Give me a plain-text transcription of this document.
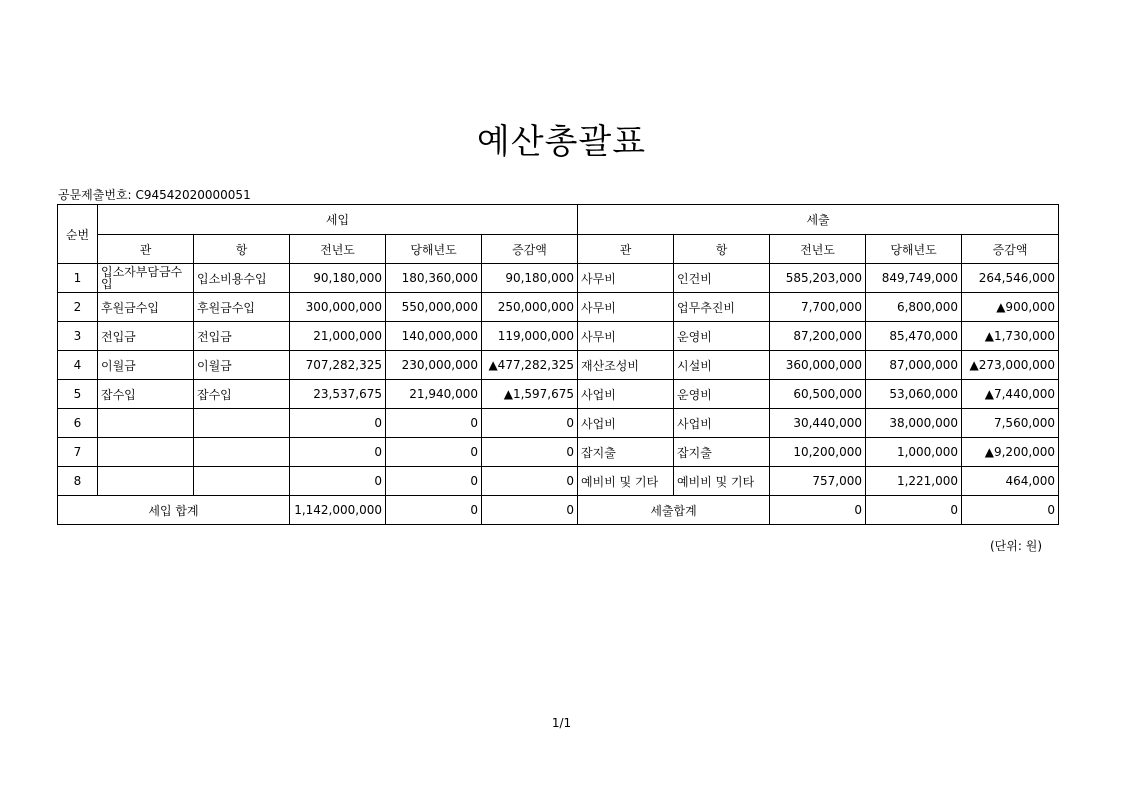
예산총괄표
공문제출번호: C94542020000051
순번	세입					세출				
	관	항	전년도	당해년도	증감액	관	항	전년도	당해년도	증감액
1	입소자부담금수입	입소비용수입	90,180,000	180,360,000	90,180,000	사무비	인건비	585,203,000	849,749,000	264,546,000
2	후원금수입	후원금수입	300,000,000	550,000,000	250,000,000	사무비	업무추진비	7,700,000	6,800,000	▲900,000
3	전입금	전입금	21,000,000	140,000,000	119,000,000	사무비	운영비	87,200,000	85,470,000	▲1,730,000
4	이월금	이월금	707,282,325	230,000,000	▲477,282,325	재산조성비	시설비	360,000,000	87,000,000	▲273,000,000
5	잡수입	잡수입	23,537,675	21,940,000	▲1,597,675	사업비	운영비	60,500,000	53,060,000	▲7,440,000
6			0	0	0	사업비	사업비	30,440,000	38,000,000	7,560,000
7			0	0	0	잡지출	잡지출	10,200,000	1,000,000	▲9,200,000
8			0	0	0	예비비 및 기타	예비비 및 기타	757,000	1,221,000	464,000
세입 합계			1,142,000,000	0	0	세출합계		0	0	0
(단위: 원)
1/1
